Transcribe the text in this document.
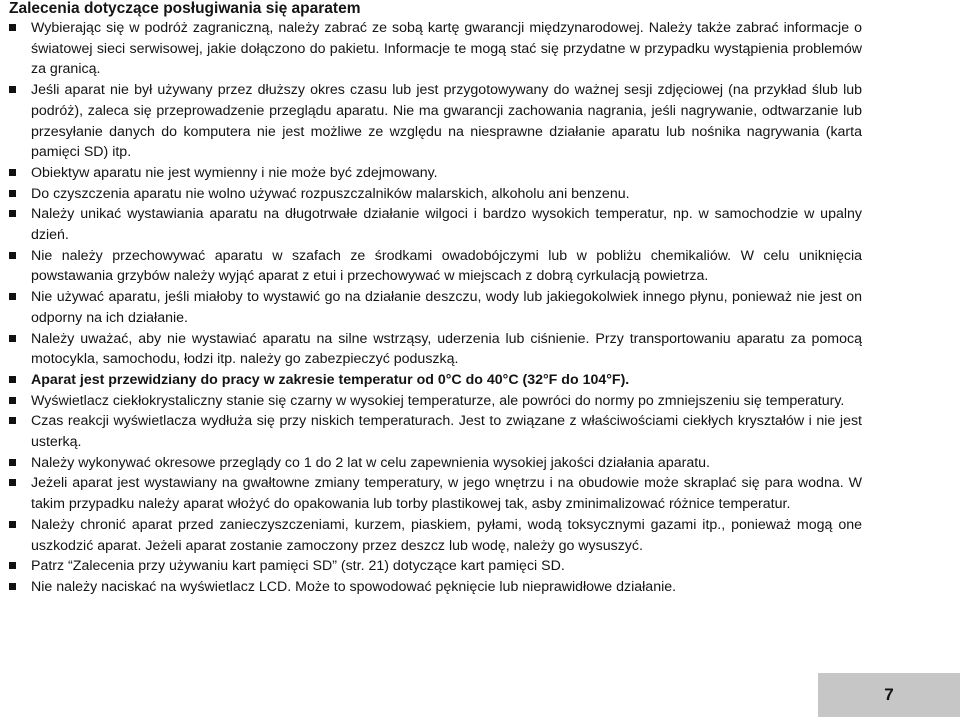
Zalecenia dotyczące posługiwania się aparatem
Wybierając się w podróż zagraniczną, należy zabrać ze sobą kartę gwarancji międzynarodowej. Należy także zabrać informacje o światowej sieci serwisowej, jakie dołączono do pakietu. Informacje te mogą stać się przydatne w przypadku wystąpienia problemów za granicą.
Jeśli aparat nie był używany przez dłuższy okres czasu lub jest przygotowywany do ważnej sesji zdjęciowej (na przykład ślub lub podróż), zaleca się przeprowadzenie przeglądu aparatu. Nie ma gwarancji zachowania nagrania, jeśli nagrywanie, odtwarzanie lub przesyłanie danych do komputera nie jest możliwe ze względu na niesprawne działanie aparatu lub nośnika nagrywania (karta pamięci SD) itp.
Obiektyw aparatu nie jest wymienny i nie może być zdejmowany.
Do czyszczenia aparatu nie wolno używać rozpuszczalników malarskich, alkoholu ani benzenu.
Należy unikać wystawiania aparatu na długotrwałe działanie wilgoci i bardzo wysokich temperatur, np. w samochodzie w upalny dzień.
Nie należy przechowywać aparatu w szafach ze środkami owadobójczymi lub w pobliżu chemikaliów. W celu uniknięcia powstawania grzybów należy wyjąć aparat z etui i przechowywać w miejscach z dobrą cyrkulacją powietrza.
Nie używać aparatu, jeśli miałoby to wystawić go na działanie deszczu, wody lub jakiegokolwiek innego płynu, ponieważ nie jest on odporny na ich działanie.
Należy uważać, aby nie wystawiać aparatu na silne wstrząsy, uderzenia lub ciśnienie. Przy transportowaniu aparatu za pomocą motocykla, samochodu, łodzi itp. należy go zabezpieczyć poduszką.
Aparat jest przewidziany do pracy w zakresie temperatur od 0°C do 40°C (32°F do 104°F).
Wyświetlacz ciekłokrystaliczny stanie się czarny w wysokiej temperaturze, ale powróci do normy po zmniejszeniu się temperatury.
Czas reakcji wyświetlacza wydłuża się przy niskich temperaturach. Jest to związane z właściwościami ciekłych kryształów i nie jest usterką.
Należy wykonywać okresowe przeglądy co 1 do 2 lat w celu zapewnienia wysokiej jakości działania aparatu.
Jeżeli aparat jest wystawiany na gwałtowne zmiany temperatury, w jego wnętrzu i na obudowie może skraplać się para wodna. W takim przypadku należy aparat włożyć do opakowania lub torby plastikowej tak, asby zminimalizować różnice temperatur.
Należy chronić aparat przed zanieczyszczeniami, kurzem, piaskiem, pyłami, wodą toksycznymi gazami itp., ponieważ mogą one uszkodzić aparat. Jeżeli aparat zostanie zamoczony przez deszcz lub wodę, należy go wysuszyć.
Patrz “Zalecenia przy używaniu kart pamięci SD” (str. 21) dotyczące kart pamięci SD.
Nie należy naciskać na wyświetlacz LCD. Może to spowodować pęknięcie lub nieprawidłowe działanie.
7
